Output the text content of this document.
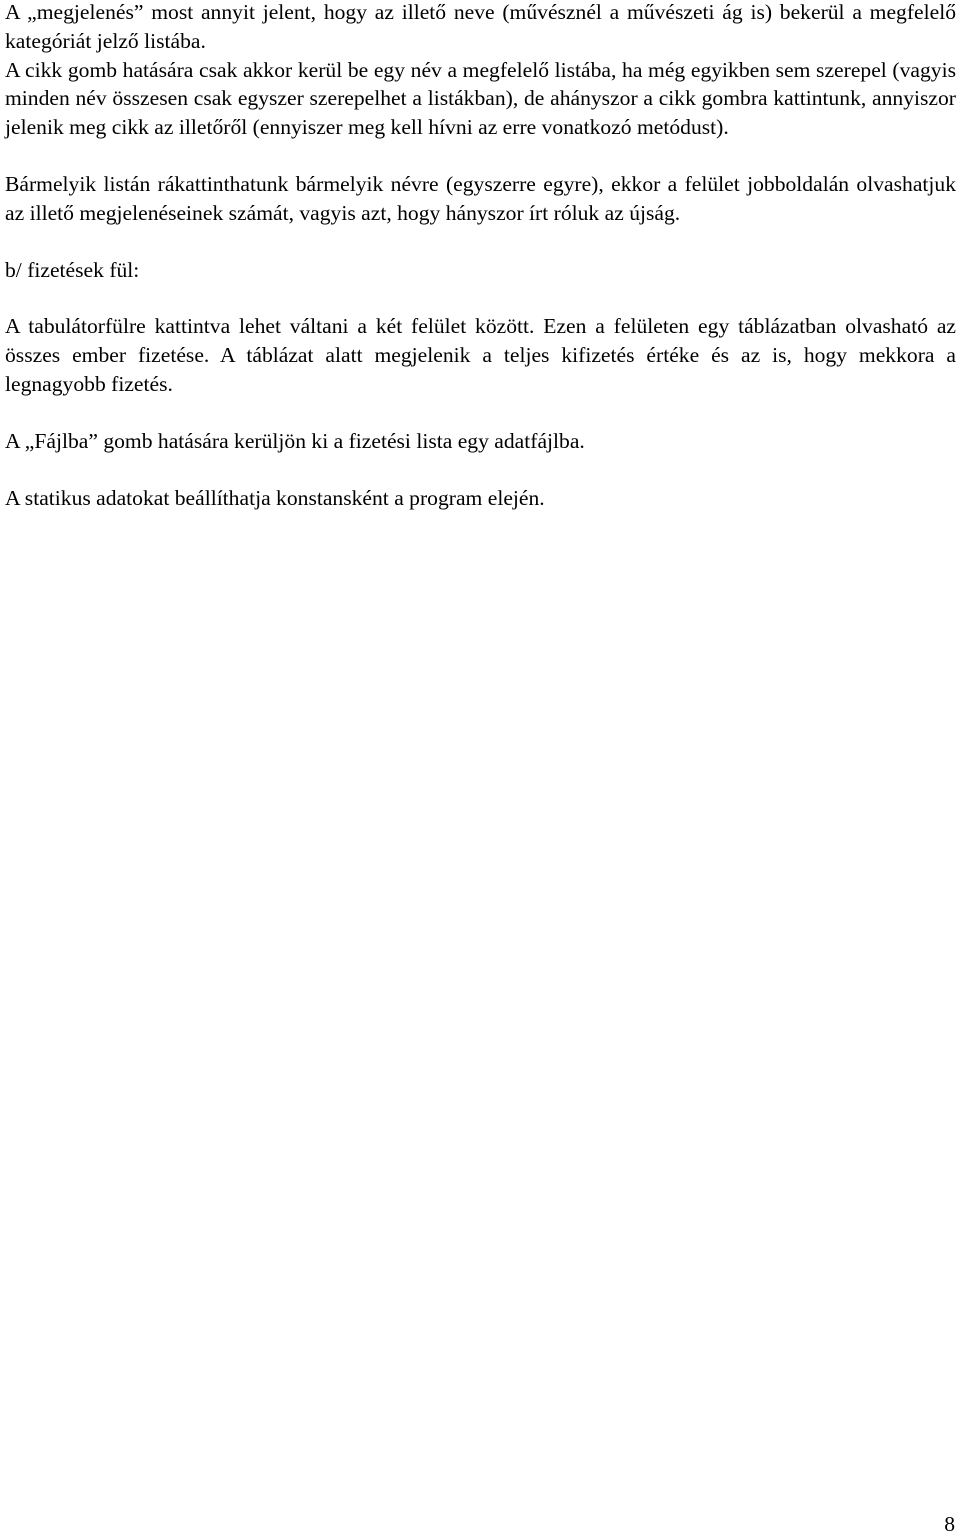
A „megjelenés” most annyit jelent, hogy az illető neve (művésznél a művészeti ág is) bekerül a megfelelő kategóriát jelző listába.

A cikk gomb hatására csak akkor kerül be egy név a megfelelő listába, ha még egyikben sem szerepel (vagyis minden név összesen csak egyszer szerepelhet a listákban), de ahányszor a cikk gombra kattintunk, annyiszor jelenik meg cikk az illetőről (ennyiszer meg kell hívni az erre vonatkozó metódust).

Bármelyik listán rákattinthatunk bármelyik névre (egyszerre egyre), ekkor a felület jobboldalán olvashatjuk az illető megjelenéseinek számát, vagyis azt, hogy hányszor írt róluk az újság.

b/ fizetések fül:

A tabulátorfülre kattintva lehet váltani a két felület között. Ezen a felületen egy táblázatban olvasható az összes ember fizetése. A táblázat alatt megjelenik a teljes kifizetés értéke és az is, hogy mekkora a legnagyobb fizetés.

A „Fájlba” gomb hatására kerüljön ki a fizetési lista egy adatfájlba.

A statikus adatokat beállíthatja konstansként a program elején.

8
